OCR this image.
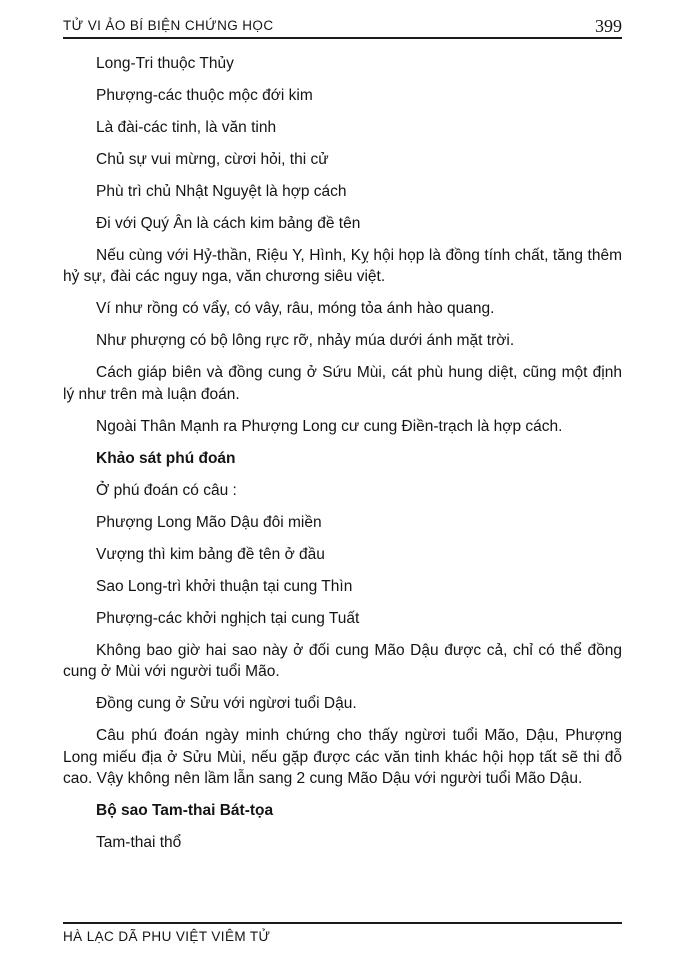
TỬ VI ẢO BÍ BIỆN CHỨNG HỌC	399

Long-Tri thuộc Thủy

Phượng-các thuộc mộc đới kim

Là đài-các tinh, là văn tinh

Chủ sự vui mừng, cừơi hỏi, thi cử

Phù trì chủ Nhật Nguyệt là hợp cách

Đi với Quý Ân là cách kim bảng đề tên

Nếu cùng với Hỷ-thần, Riệu Y, Hình, Kỵ hội họp là đồng tính chất, tăng thêm hỷ sự, đài các nguy nga, văn chương siêu việt.

Ví như rồng có vẩy, có vây, râu, móng tỏa ánh hào quang.

Như phượng có bộ lông rực rỡ, nhảy múa dưới ánh mặt trời.

Cách giáp biên và đồng cung ở Sứu Mùi, cát phù hung diệt, cũng một định lý như trên mà luận đoán.

Ngoài Thân Mạnh ra Phượng Long cư cung Điền-trạch là hợp cách.

Khảo sát phú đoán

Ở phú đoán có câu :

Phượng Long Mão Dậu đôi miền

Vượng thì kim bảng đề tên ở đầu

Sao Long-trì khởi thuận tại cung Thìn

Phượng-các khởi nghịch tại cung Tuất

Không bao giờ hai sao này ở đối cung Mão Dậu được cả, chỉ có thể đồng cung ở Mùi với người tuổi Mão.

Đồng cung ở Sửu với ngừơi tuổi Dậu.

Câu phú đoán ngày minh chứng cho thấy ngừơi tuổi Mão, Dậu, Phượng Long miếu địa ở Sửu Mùi, nếu gặp được các văn tinh khác hội họp tất sẽ thi đỗ cao. Vậy không nên lầm lẫn sang 2 cung Mão Dậu với người tuổi Mão Dậu.

Bộ sao Tam-thai Bát-tọa

Tam-thai thổ

HÀ LẠC DÃ PHU VIỆT VIÊM TỬ
